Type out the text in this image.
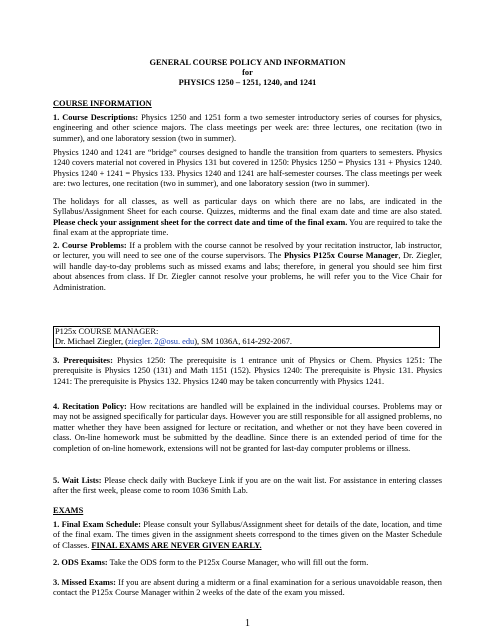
GENERAL COURSE POLICY AND INFORMATION
for
PHYSICS 1250 – 1251, 1240, and 1241
COURSE INFORMATION
1. Course Descriptions: Physics 1250 and 1251 form a two semester introductory series of courses for physics, engineering and other science majors. The class meetings per week are: three lectures, one recitation (two in summer), and one laboratory session (two in summer).
Physics 1240 and 1241 are “bridge” courses designed to handle the transition from quarters to semesters. Physics 1240 covers material not covered in Physics 131 but covered in 1250: Physics 1250 = Physics 131 + Physics 1240. Physics 1240 + 1241 = Physics 133. Physics 1240 and 1241 are half-semester courses. The class meetings per week are: two lectures, one recitation (two in summer), and one laboratory session (two in summer).
The holidays for all classes, as well as particular days on which there are no labs, are indicated in the Syllabus/Assignment Sheet for each course. Quizzes, midterms and the final exam date and time are also stated. Please check your assignment sheet for the correct date and time of the final exam. You are required to take the final exam at the appropriate time.
2. Course Problems: If a problem with the course cannot be resolved by your recitation instructor, lab instructor, or lecturer, you will need to see one of the course supervisors. The Physics P125x Course Manager, Dr. Ziegler, will handle day-to-day problems such as missed exams and labs; therefore, in general you should see him first about absences from class. If Dr. Ziegler cannot resolve your problems, he will refer you to the Vice Chair for Administration.
P125x COURSE MANAGER:
Dr. Michael Ziegler, (ziegler. 2@osu. edu), SM 1036A, 614-292-2067.
3. Prerequisites: Physics 1250: The prerequisite is 1 entrance unit of Physics or Chem. Physics 1251: The prerequisite is Physics 1250 (131) and Math 1151 (152). Physics 1240: The prerequisite is Physic 131. Physics 1241: The prerequisite is Physics 132. Physics 1240 may be taken concurrently with Physics 1241.
4. Recitation Policy: How recitations are handled will be explained in the individual courses. Problems may or may not be assigned specifically for particular days. However you are still responsible for all assigned problems, no matter whether they have been assigned for lecture or recitation, and whether or not they have been covered in class. On-line homework must be submitted by the deadline. Since there is an extended period of time for the completion of on-line homework, extensions will not be granted for last-day computer problems or illness.
5. Wait Lists: Please check daily with Buckeye Link if you are on the wait list. For assistance in entering classes after the first week, please come to room 1036 Smith Lab.
EXAMS
1. Final Exam Schedule: Please consult your Syllabus/Assignment sheet for details of the date, location, and time of the final exam. The times given in the assignment sheets correspond to the times given on the Master Schedule of Classes. FINAL EXAMS ARE NEVER GIVEN EARLY.
2. ODS Exams: Take the ODS form to the P125x Course Manager, who will fill out the form.
3. Missed Exams: If you are absent during a midterm or a final examination for a serious unavoidable reason, then contact the P125x Course Manager within 2 weeks of the date of the exam you missed.
1
